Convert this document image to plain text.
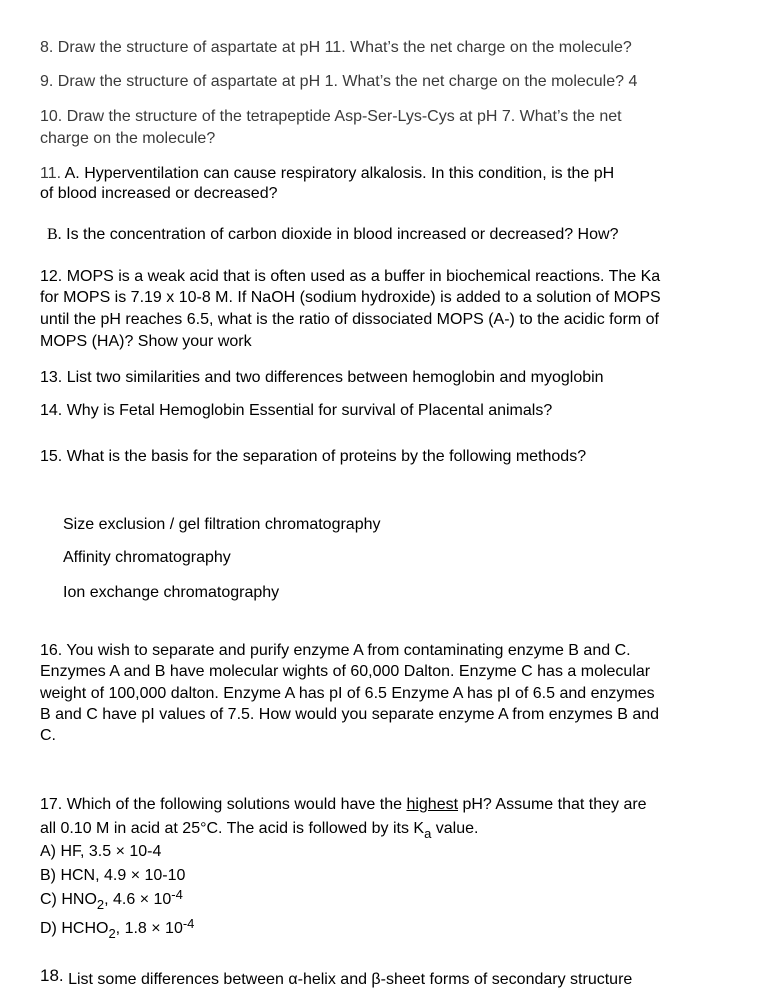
8. Draw the structure of aspartate at pH 11. What’s the net charge on the molecule?

9. Draw the structure of aspartate at pH 1. What’s the net charge on the molecule? 4

10. Draw the structure of the tetrapeptide Asp-Ser-Lys-Cys at pH 7. What’s the net

charge on the molecule?

11. A. Hyperventilation can cause respiratory alkalosis. In this condition, is the pH

of blood increased or decreased?

B. Is the concentration of carbon dioxide in blood increased or decreased? How?

12. MOPS is a weak acid that is often used as a buffer in biochemical reactions. The Ka

for MOPS is 7.19 x 10-8 M. If NaOH (sodium hydroxide) is added to a solution of MOPS

until the pH reaches 6.5, what is the ratio of dissociated MOPS (A-) to the acidic form of

MOPS (HA)? Show your work

13. List two similarities and two differences between hemoglobin and myoglobin

14. Why is Fetal Hemoglobin Essential for survival of Placental animals?

15. What is the basis for the separation of proteins by the following methods?

Size exclusion / gel filtration chromatography

Affinity chromatography

Ion exchange chromatography

16. You wish to separate and purify enzyme A from contaminating enzyme B and C.

Enzymes A and B have molecular wights of 60,000 Dalton. Enzyme C has a molecular

weight of 100,000 dalton. Enzyme A has pI of 6.5 Enzyme A has pI of 6.5 and enzymes

B and C have pI values of 7.5. How would you separate enzyme A from enzymes B and

C.

17. Which of the following solutions would have the highest pH? Assume that they are

all 0.10 M in acid at 25°C. The acid is followed by its $K_a$ value.

A) HF, 3.5 × 10-4

B) HCN, 4.9 × 10-10

C) $HNO_2$, $4.6 \times 10^{-4}$

D) $HCHO_2$, $1.8 \times 10^{-4}$

18. List some differences between α-helix and β-sheet forms of secondary structure
